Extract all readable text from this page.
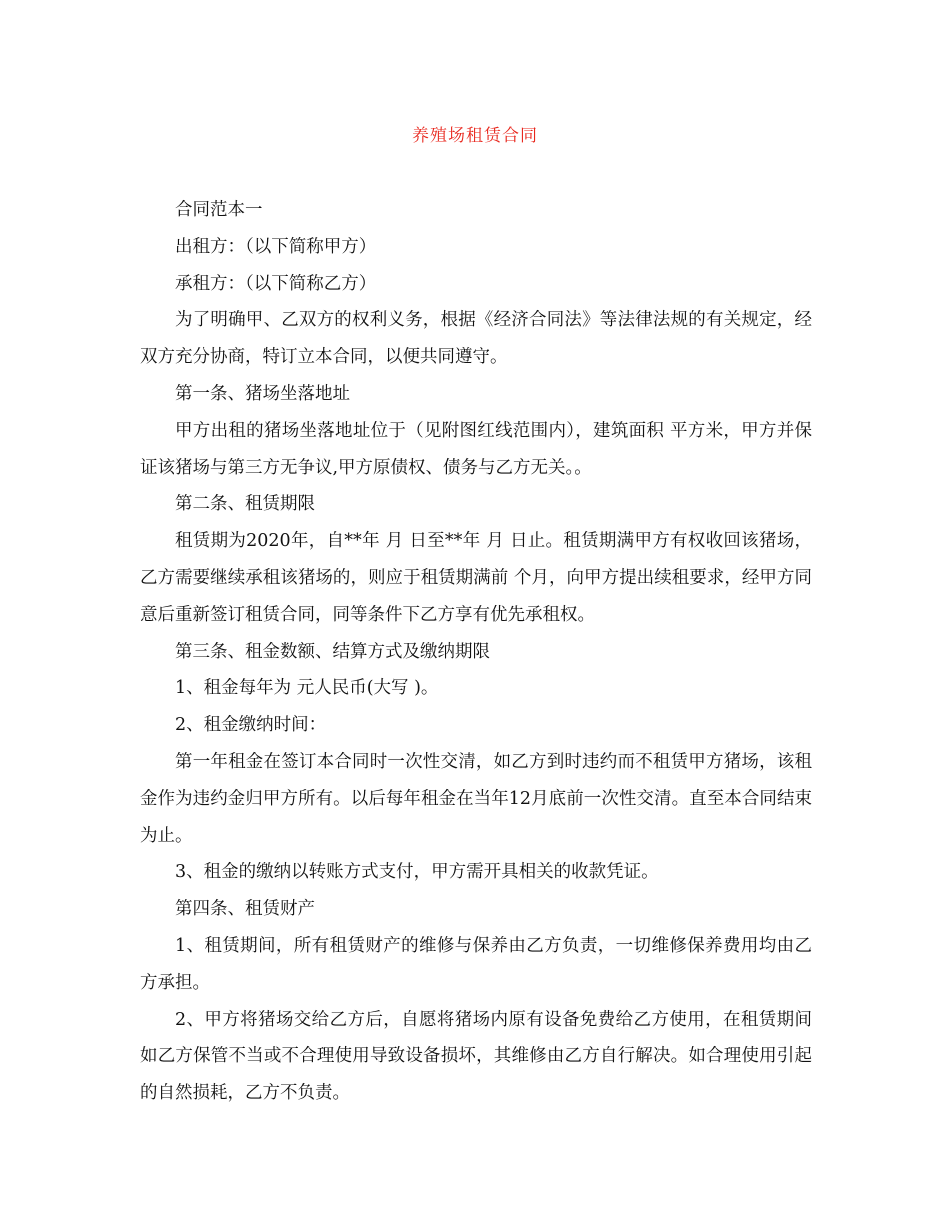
养殖场租赁合同

合同范本一

出租方：（以下简称甲方）

承租方：（以下简称乙方）

为了明确甲、乙双方的权利义务，根据《经济合同法》等法律法规的有关规定，经双方充分协商，特订立本合同，以便共同遵守。

第一条、猪场坐落地址

甲方出租的猪场坐落地址位于（见附图红线范围内），建筑面积 平方米，甲方并保证该猪场与第三方无争议,甲方原债权、债务与乙方无关。。

第二条、租赁期限

租赁期为2020年，自**年 月 日至**年 月 日止。租赁期满甲方有权收回该猪场，乙方需要继续承租该猪场的，则应于租赁期满前 个月，向甲方提出续租要求，经甲方同意后重新签订租赁合同，同等条件下乙方享有优先承租权。

第三条、租金数额、结算方式及缴纳期限

1、租金每年为 元人民币(大写 )。

2、租金缴纳时间：

第一年租金在签订本合同时一次性交清，如乙方到时违约而不租赁甲方猪场，该租金作为违约金归甲方所有。以后每年租金在当年12月底前一次性交清。直至本合同结束为止。

3、租金的缴纳以转账方式支付，甲方需开具相关的收款凭证。

第四条、租赁财产

1、租赁期间，所有租赁财产的维修与保养由乙方负责，一切维修保养费用均由乙方承担。

2、甲方将猪场交给乙方后，自愿将猪场内原有设备免费给乙方使用，在租赁期间如乙方保管不当或不合理使用导致设备损坏，其维修由乙方自行解决。如合理使用引起的自然损耗，乙方不负责。
